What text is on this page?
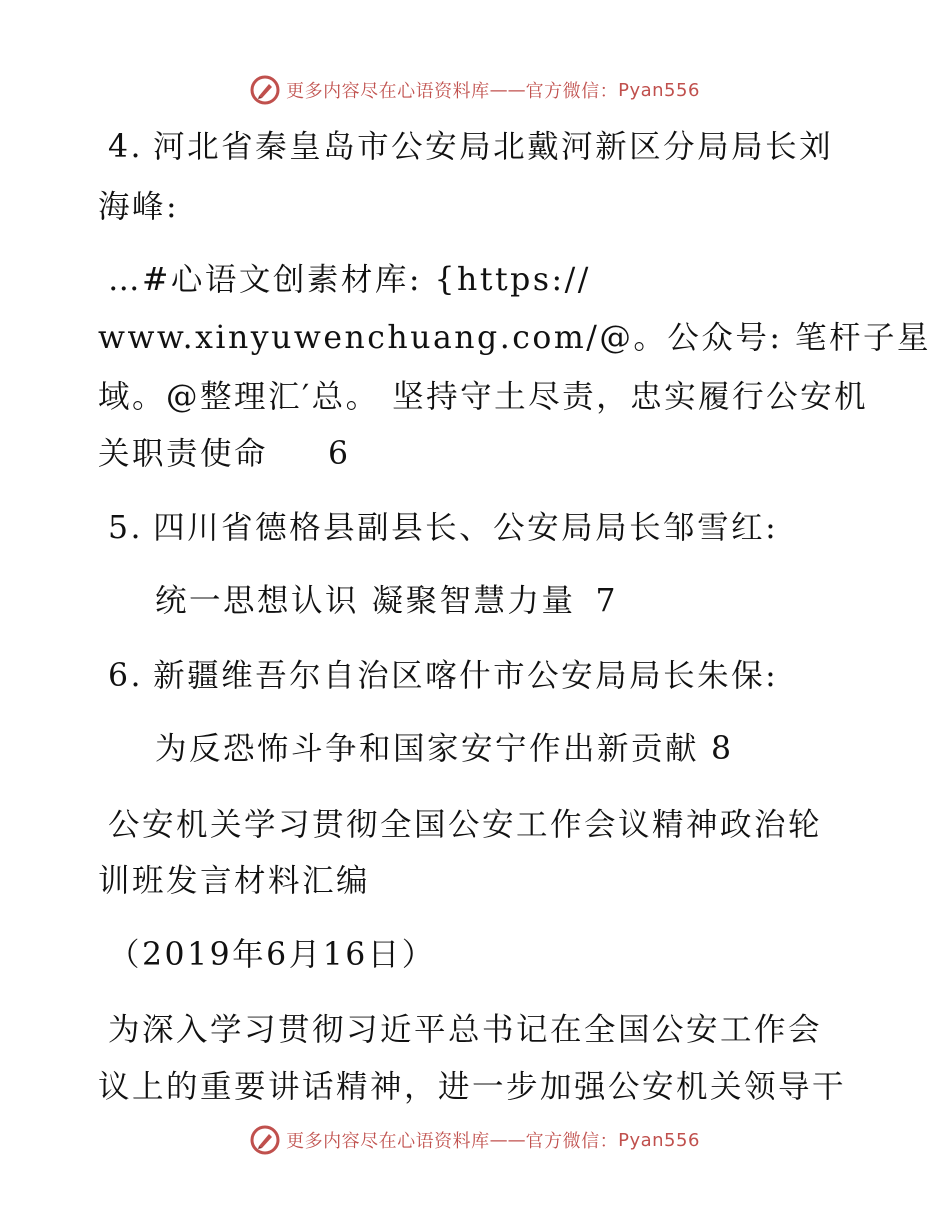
更多内容尽在心语资料库 —— 官方微信： Pyan556
4. 河北省秦皇岛市公安局北戴河新区分局局长刘
海峰:
…#心语文创素材库: {https://
www.xinyuwenchuang.com/@。公众号: 笔杆子星
域。@整理汇′总。 坚持守土尽责，忠实履行公安机
关职责使命 6
5. 四川省德格县副县长、公安局局长邹雪红:
统一思想认识 凝聚智慧力量 7
6. 新疆维吾尔自治区喀什市公安局局长朱保:
为反恐怖斗争和国家安宁作出新贡献 8
公安机关学习贯彻全国公安工作会议精神政治轮
训班发言材料汇编
（2019年6月16日）
为深入学习贯彻习近平总书记在全国公安工作会
议上的重要讲话精神，进一步加强公安机关领导干
更多内容尽在心语资料库 —— 官方微信： Pyan556
